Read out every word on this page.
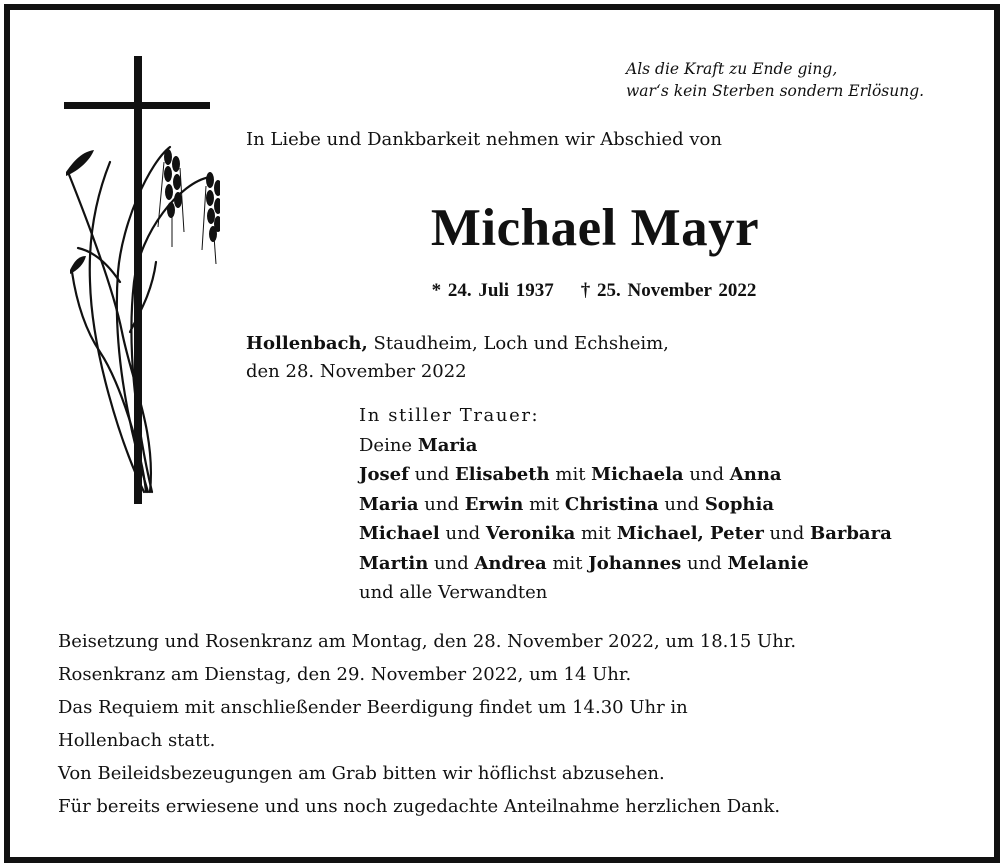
Als die Kraft zu Ende ging,
war‘s kein Sterben sondern Erlösung.
In Liebe und Dankbarkeit nehmen wir Abschied von
Michael Mayr
* 24. Juli 1937 † 25. November 2022
Hollenbach, Staudheim, Loch und Echsheim,
den 28. November 2022
In stiller Trauer:
Deine Maria
Josef und Elisabeth mit Michaela und Anna
Maria und Erwin mit Christina und Sophia
Michael und Veronika mit Michael, Peter und Barbara
Martin und Andrea mit Johannes und Melanie
und alle Verwandten
Beisetzung und Rosenkranz am Montag, den 28. November 2022, um 18.15 Uhr.
Rosenkranz am Dienstag, den 29. November 2022, um 14 Uhr.
Das Requiem mit anschließender Beerdigung findet um 14.30 Uhr in
Hollenbach statt.
Von Beileidsbezeugungen am Grab bitten wir höflichst abzusehen.
Für bereits erwiesene und uns noch zugedachte Anteilnahme herzlichen Dank.
